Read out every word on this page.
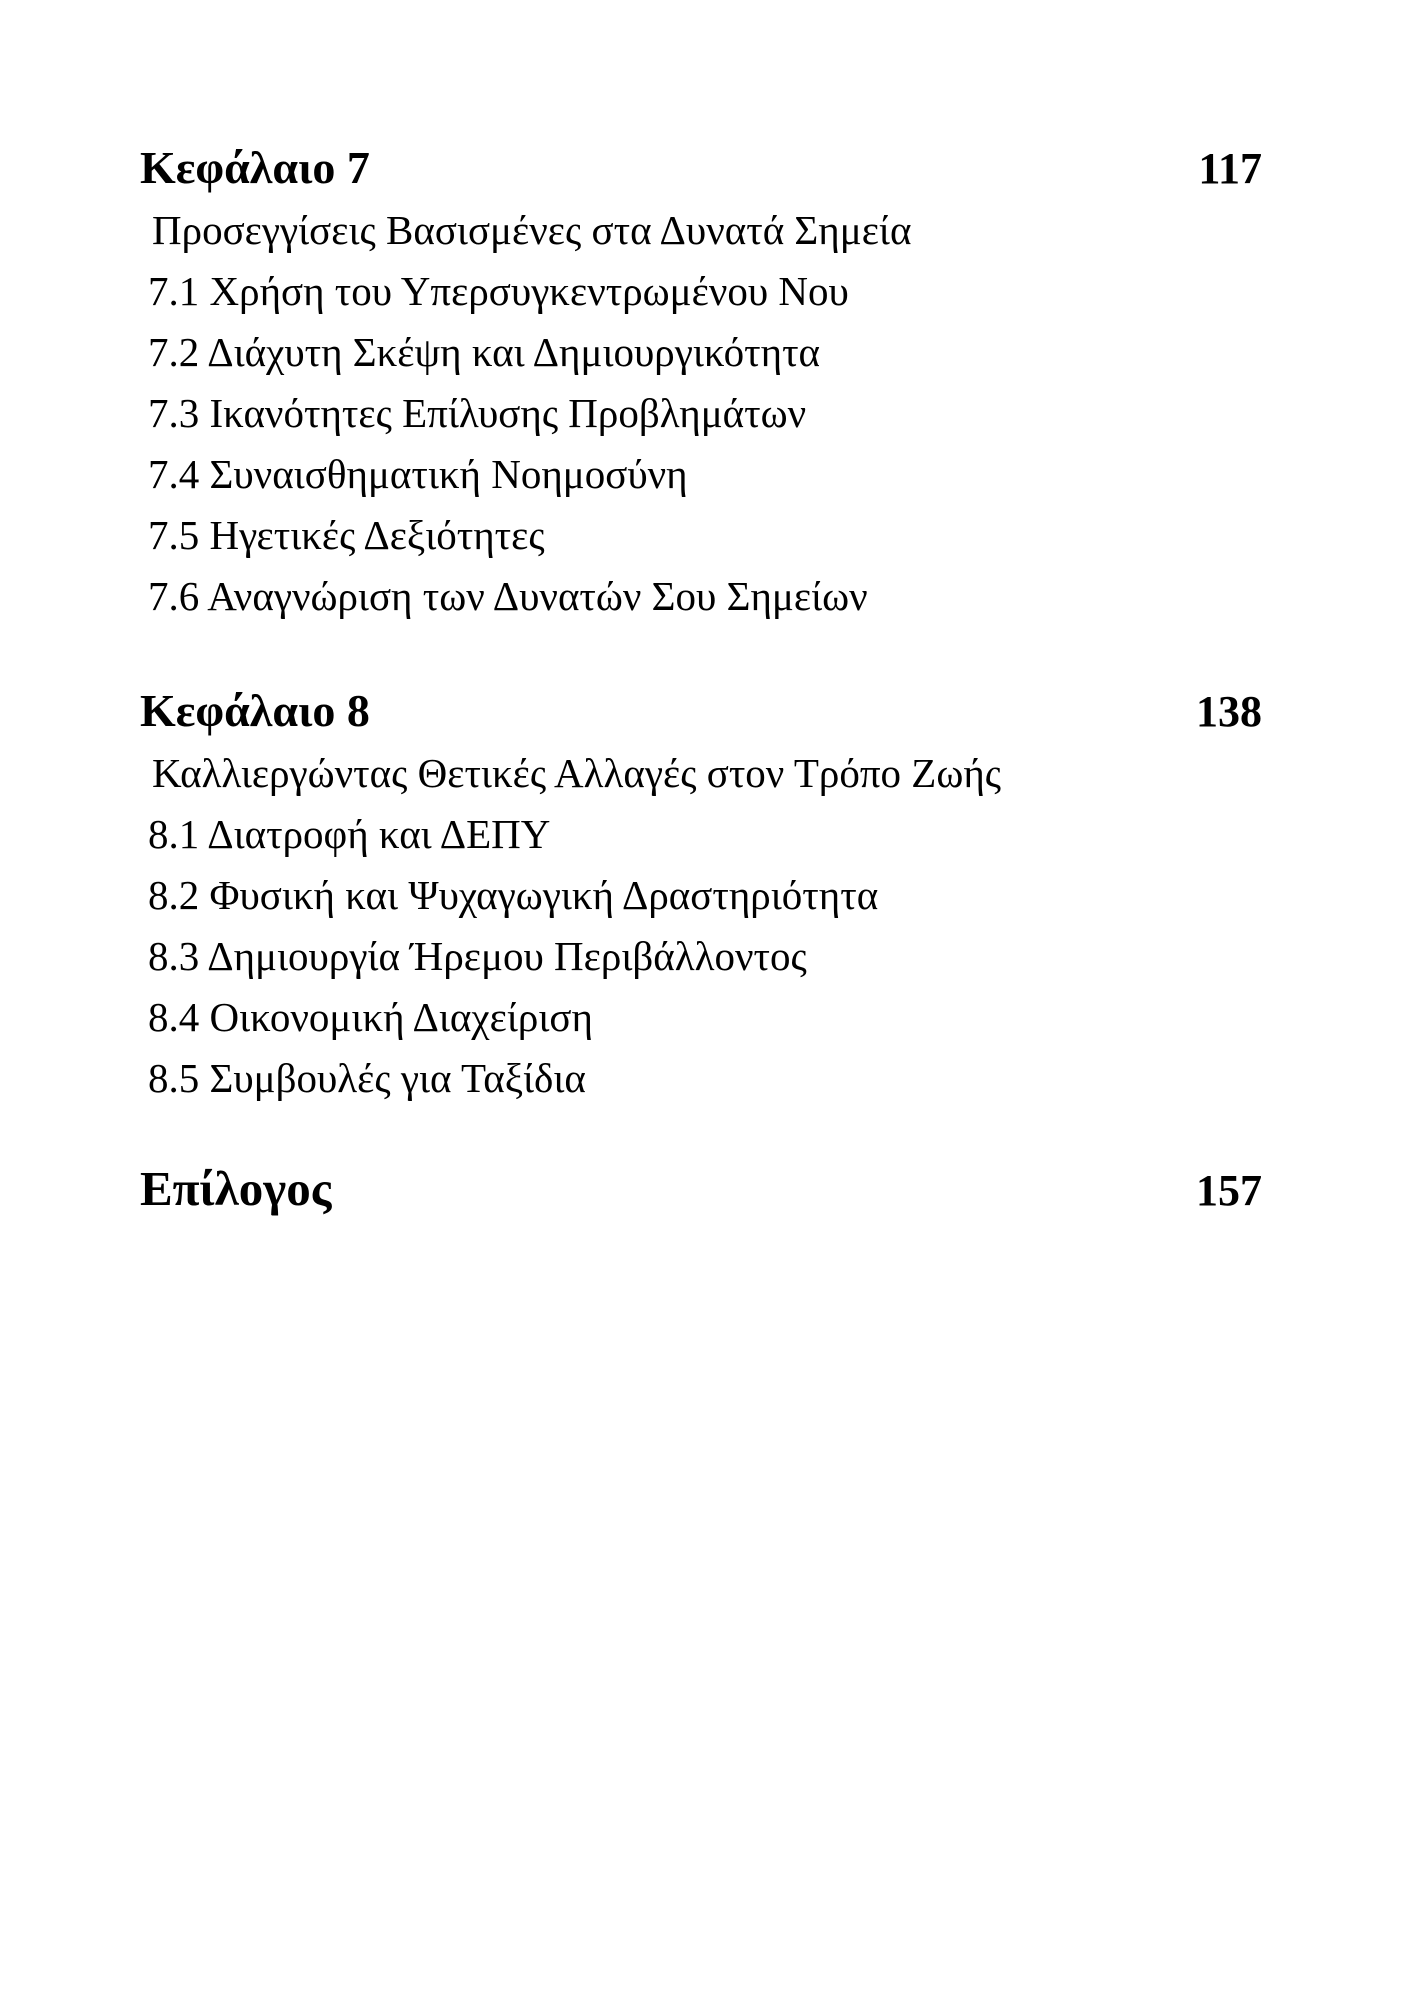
Κεφάλαιο 7	117
Προσεγγίσεις Βασισμένες στα Δυνατά Σημεία
7.1 Χρήση του Υπερσυγκεντρωμένου Νου
7.2 Διάχυτη Σκέψη και Δημιουργικότητα
7.3 Ικανότητες Επίλυσης Προβλημάτων
7.4 Συναισθηματική Νοημοσύνη
7.5 Ηγετικές Δεξιότητες
7.6 Αναγνώριση των Δυνατών Σου Σημείων
Κεφάλαιο 8	138
Καλλιεργώντας Θετικές Αλλαγές στον Τρόπο Ζωής
8.1 Διατροφή και ΔΕΠΥ
8.2 Φυσική και Ψυχαγωγική Δραστηριότητα
8.3 Δημιουργία Ήρεμου Περιβάλλοντος
8.4 Οικονομική Διαχείριση
8.5 Συμβουλές για Ταξίδια
Επίλογος	157
